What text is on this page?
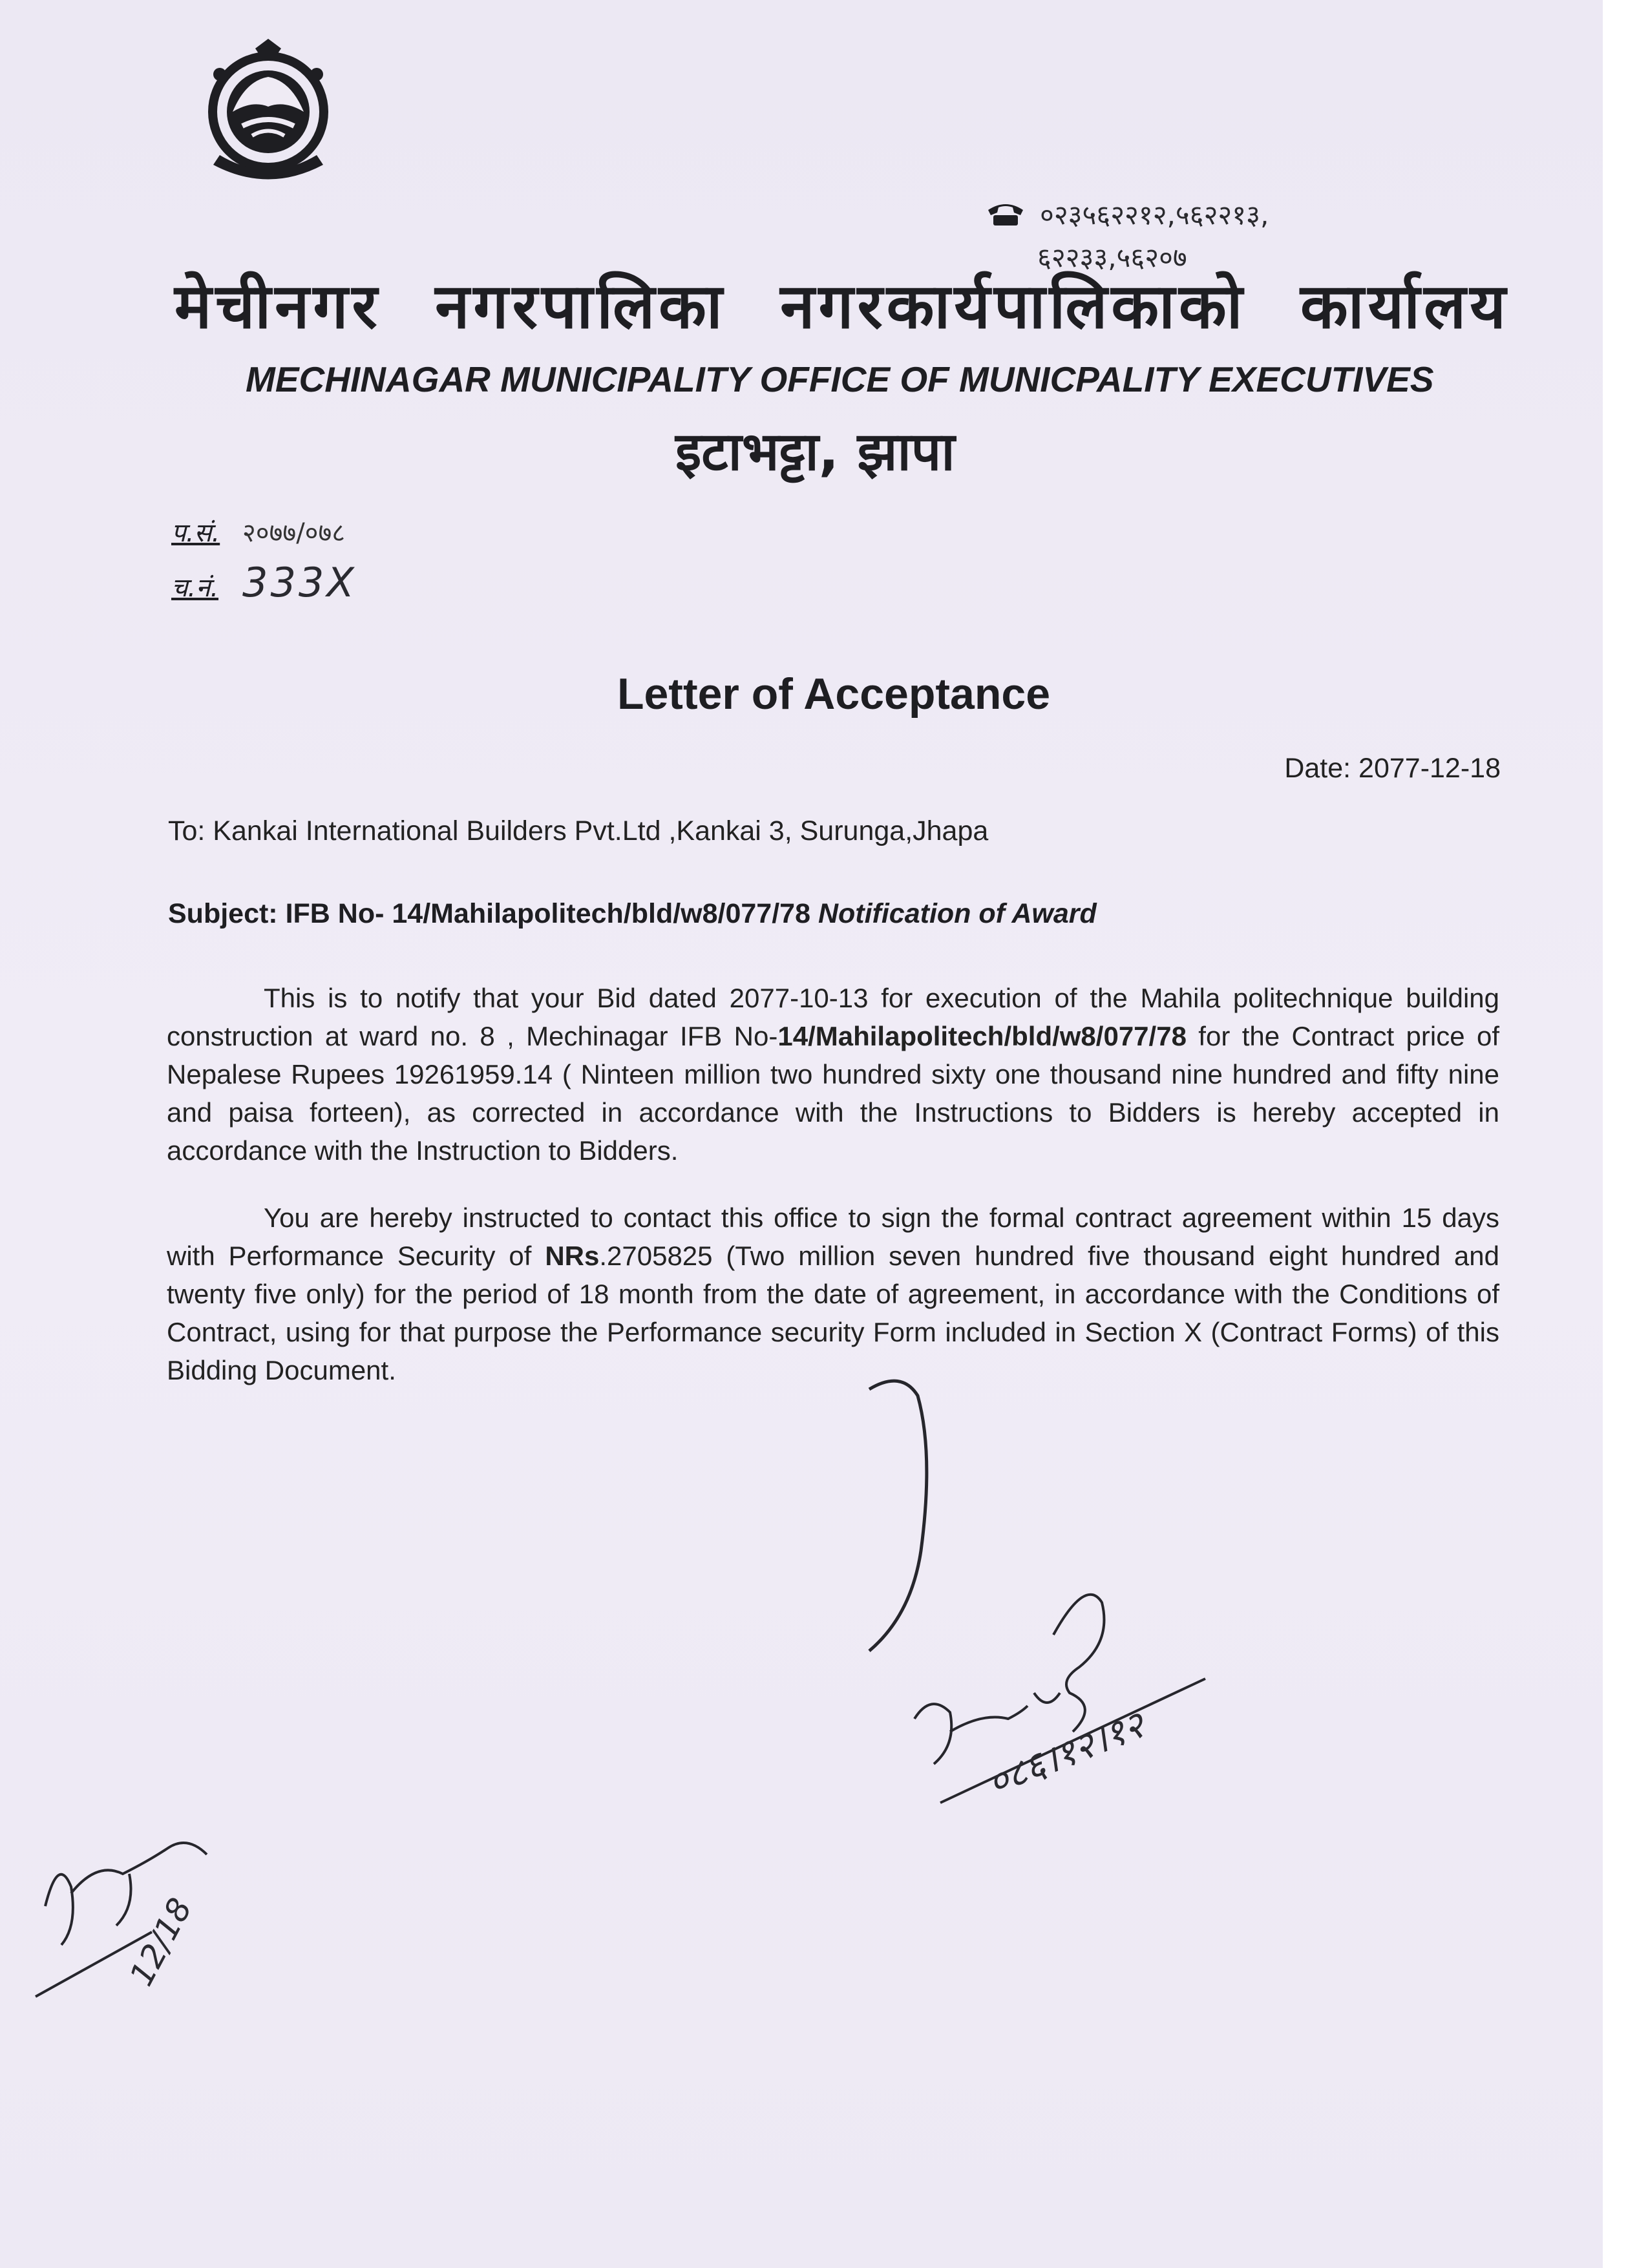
०२३५६२२१२,५६२२१३,
६२२३३,५६२०७
मेचीनगर नगरपालिका नगरकार्यपालिकाको कार्यालय
MECHINAGAR MUNICIPALITY OFFICE OF MUNICPALITY EXECUTIVES
इटाभट्टा, झापा
प.सं. २०७७/०७८
च.नं. 333X
Letter of Acceptance
Date: 2077-12-18
To: Kankai International Builders Pvt.Ltd ,Kankai 3, Surunga,Jhapa
Subject: IFB No- 14/Mahilapolitech/bld/w8/077/78 Notification of Award
This is to notify that your Bid dated 2077-10-13 for execution of the Mahila politechnique building construction at ward no. 8 , Mechinagar IFB No-14/Mahilapolitech/bld/w8/077/78 for the Contract price of Nepalese Rupees 19261959.14 ( Ninteen million two hundred sixty one thousand nine hundred and fifty nine and paisa forteen), as corrected in accordance with the Instructions to Bidders is hereby accepted in accordance with the Instruction to Bidders.
You are hereby instructed to contact this office to sign the formal contract agreement within 15 days with Performance Security of NRs.2705825 (Two million seven hundred five thousand eight hundred and twenty five only) for the period of 18 month from the date of agreement, in accordance with the Conditions of Contract, using for that purpose the Performance security Form included in Section X (Contract Forms) of this Bidding Document.
०८६।१२।१२
12/18
